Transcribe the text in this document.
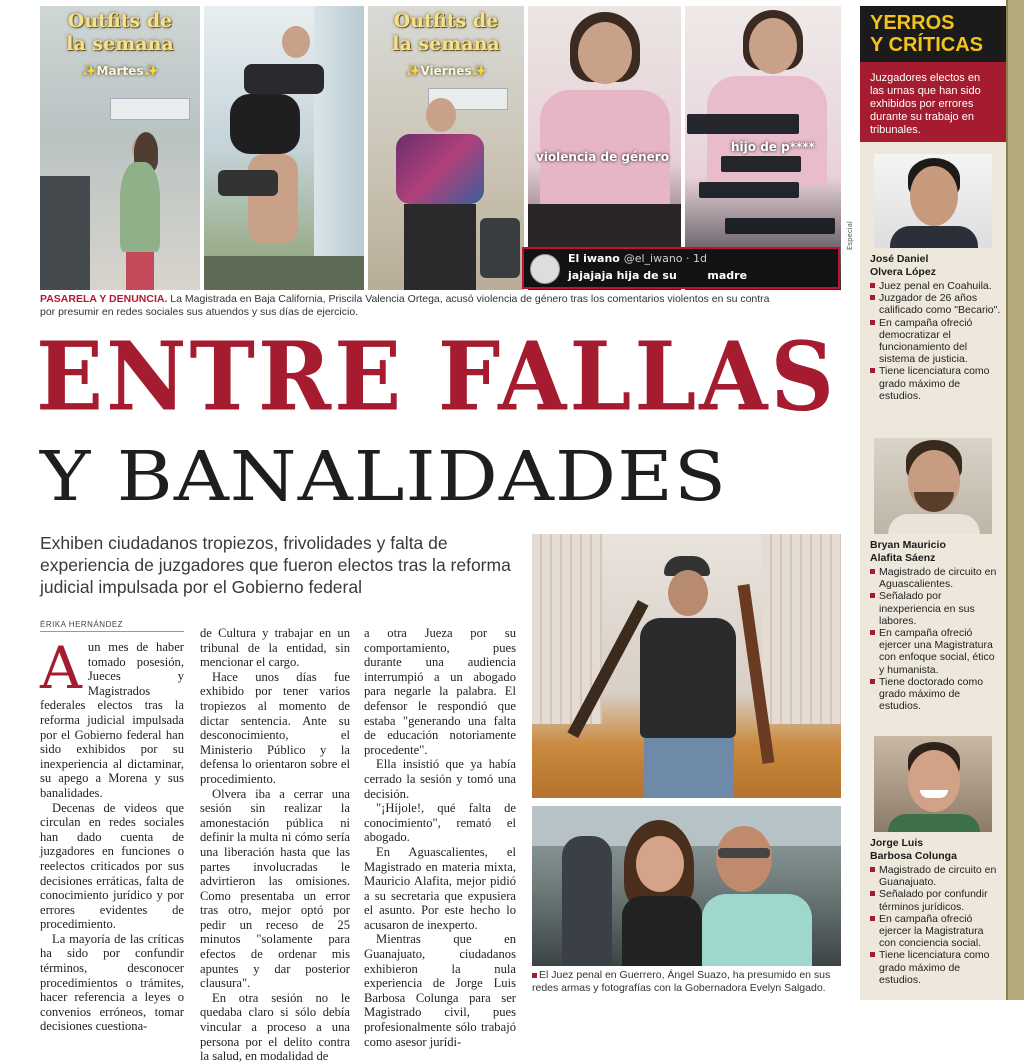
Outfits de la semana
✨Martes✨
Outfits de la semana
✨Viernes✨
violencia de género
hijo de p****
El iwano @el_iwano · 1d
jajajaja hija de su        madre
Especial
PASARELA Y DENUNCIA. La Magistrada en Baja California, Priscila Valencia Ortega, acusó violencia de género tras los comentarios violentos en su contra por presumir en redes sociales sus atuendos y sus días de ejercicio.
ENTRE FALLAS
Y BANALIDADES
Exhiben ciudadanos tropiezos, frivolidades y falta de experiencia de juzgadores que fueron electos tras la reforma judicial impulsada por el Gobierno federal
ÉRIKA HERNÁNDEZ
A un mes de haber tomado posesión, Jueces y Magistrados federales electos tras la reforma judicial impulsada por el Gobierno federal han sido exhibidos por su inexperiencia al dictaminar, su apego a Morena y sus banalidades.

Decenas de videos que circulan en redes sociales han dado cuenta de juzgadores en funciones o reelectos criticados por sus decisiones erráticas, falta de conocimiento jurídico y por errores evidentes de procedimiento.

La mayoría de las críticas ha sido por confundir términos, desconocer procedimientos o trámites, hacer referencia a leyes o convenios erróneos, tomar decisiones cuestiona-

de Cultura y trabajar en un tribunal de la entidad, sin mencionar el cargo.

Hace unos días fue exhibido por tener varios tropiezos al momento de dictar sentencia. Ante su desconocimiento, el Ministerio Público y la defensa lo orientaron sobre el procedimiento.

Olvera iba a cerrar una sesión sin realizar la amonestación pública ni definir la multa ni cómo sería una liberación hasta que las partes involucradas le advirtieron las omisiones. Como presentaba un error tras otro, mejor optó por pedir un receso de 25 minutos "solamente para efectos de ordenar mis apuntes y dar posterior clausura".

En otra sesión no le quedaba claro si sólo debía vincular a proceso a una persona por el delito contra la salud, en modalidad de

a otra Jueza por su comportamiento, pues durante una audiencia interrumpió a un abogado para negarle la palabra. El defensor le respondió que estaba "generando una falta de educación notoriamente procedente".

Ella insistió que ya había cerrado la sesión y tomó una decisión.

"¡Híjole!, qué falta de conocimiento", remató el abogado.

En Aguascalientes, el Magistrado en materia mixta, Mauricio Alafita, mejor pidió a su secretaria que expusiera el asunto. Por este hecho lo acusaron de inexperto.

Mientras que en Guanajuato, ciudadanos exhibieron la nula experiencia de Jorge Luis Barbosa Colunga para ser Magistrado civil, pues profesionalmente sólo trabajó como asesor jurídi-

El Juez penal en Guerrero, Ángel Suazo, ha presumido en sus redes armas y fotografías con la Gobernadora Evelyn Salgado.
YERROS
Y CRÍTICAS
Juzgadores electos en las urnas que han sido exhibidos por errores durante su trabajo en tribunales.
José Daniel
Olvera López
Juez penal en Coahuila.
Juzgador de 26 años calificado como "Becario".
En campaña ofreció democratizar el funcionamiento del sistema de justicia.
Tiene licenciatura como grado máximo de estudios.
Bryan Mauricio
Alafita Sáenz
Magistrado de circuito en Aguascalientes.
Señalado por inexperiencia en sus labores.
En campaña ofreció ejercer una Magistratura con enfoque social, ético y humanista.
Tiene doctorado como grado máximo de estudios.
Jorge Luis
Barbosa Colunga
Magistrado de circuito en Guanajuato.
Señalado por confundir términos jurídicos.
En campaña ofreció ejercer la Magistratura con conciencia social.
Tiene licenciatura como grado máximo de estudios.
